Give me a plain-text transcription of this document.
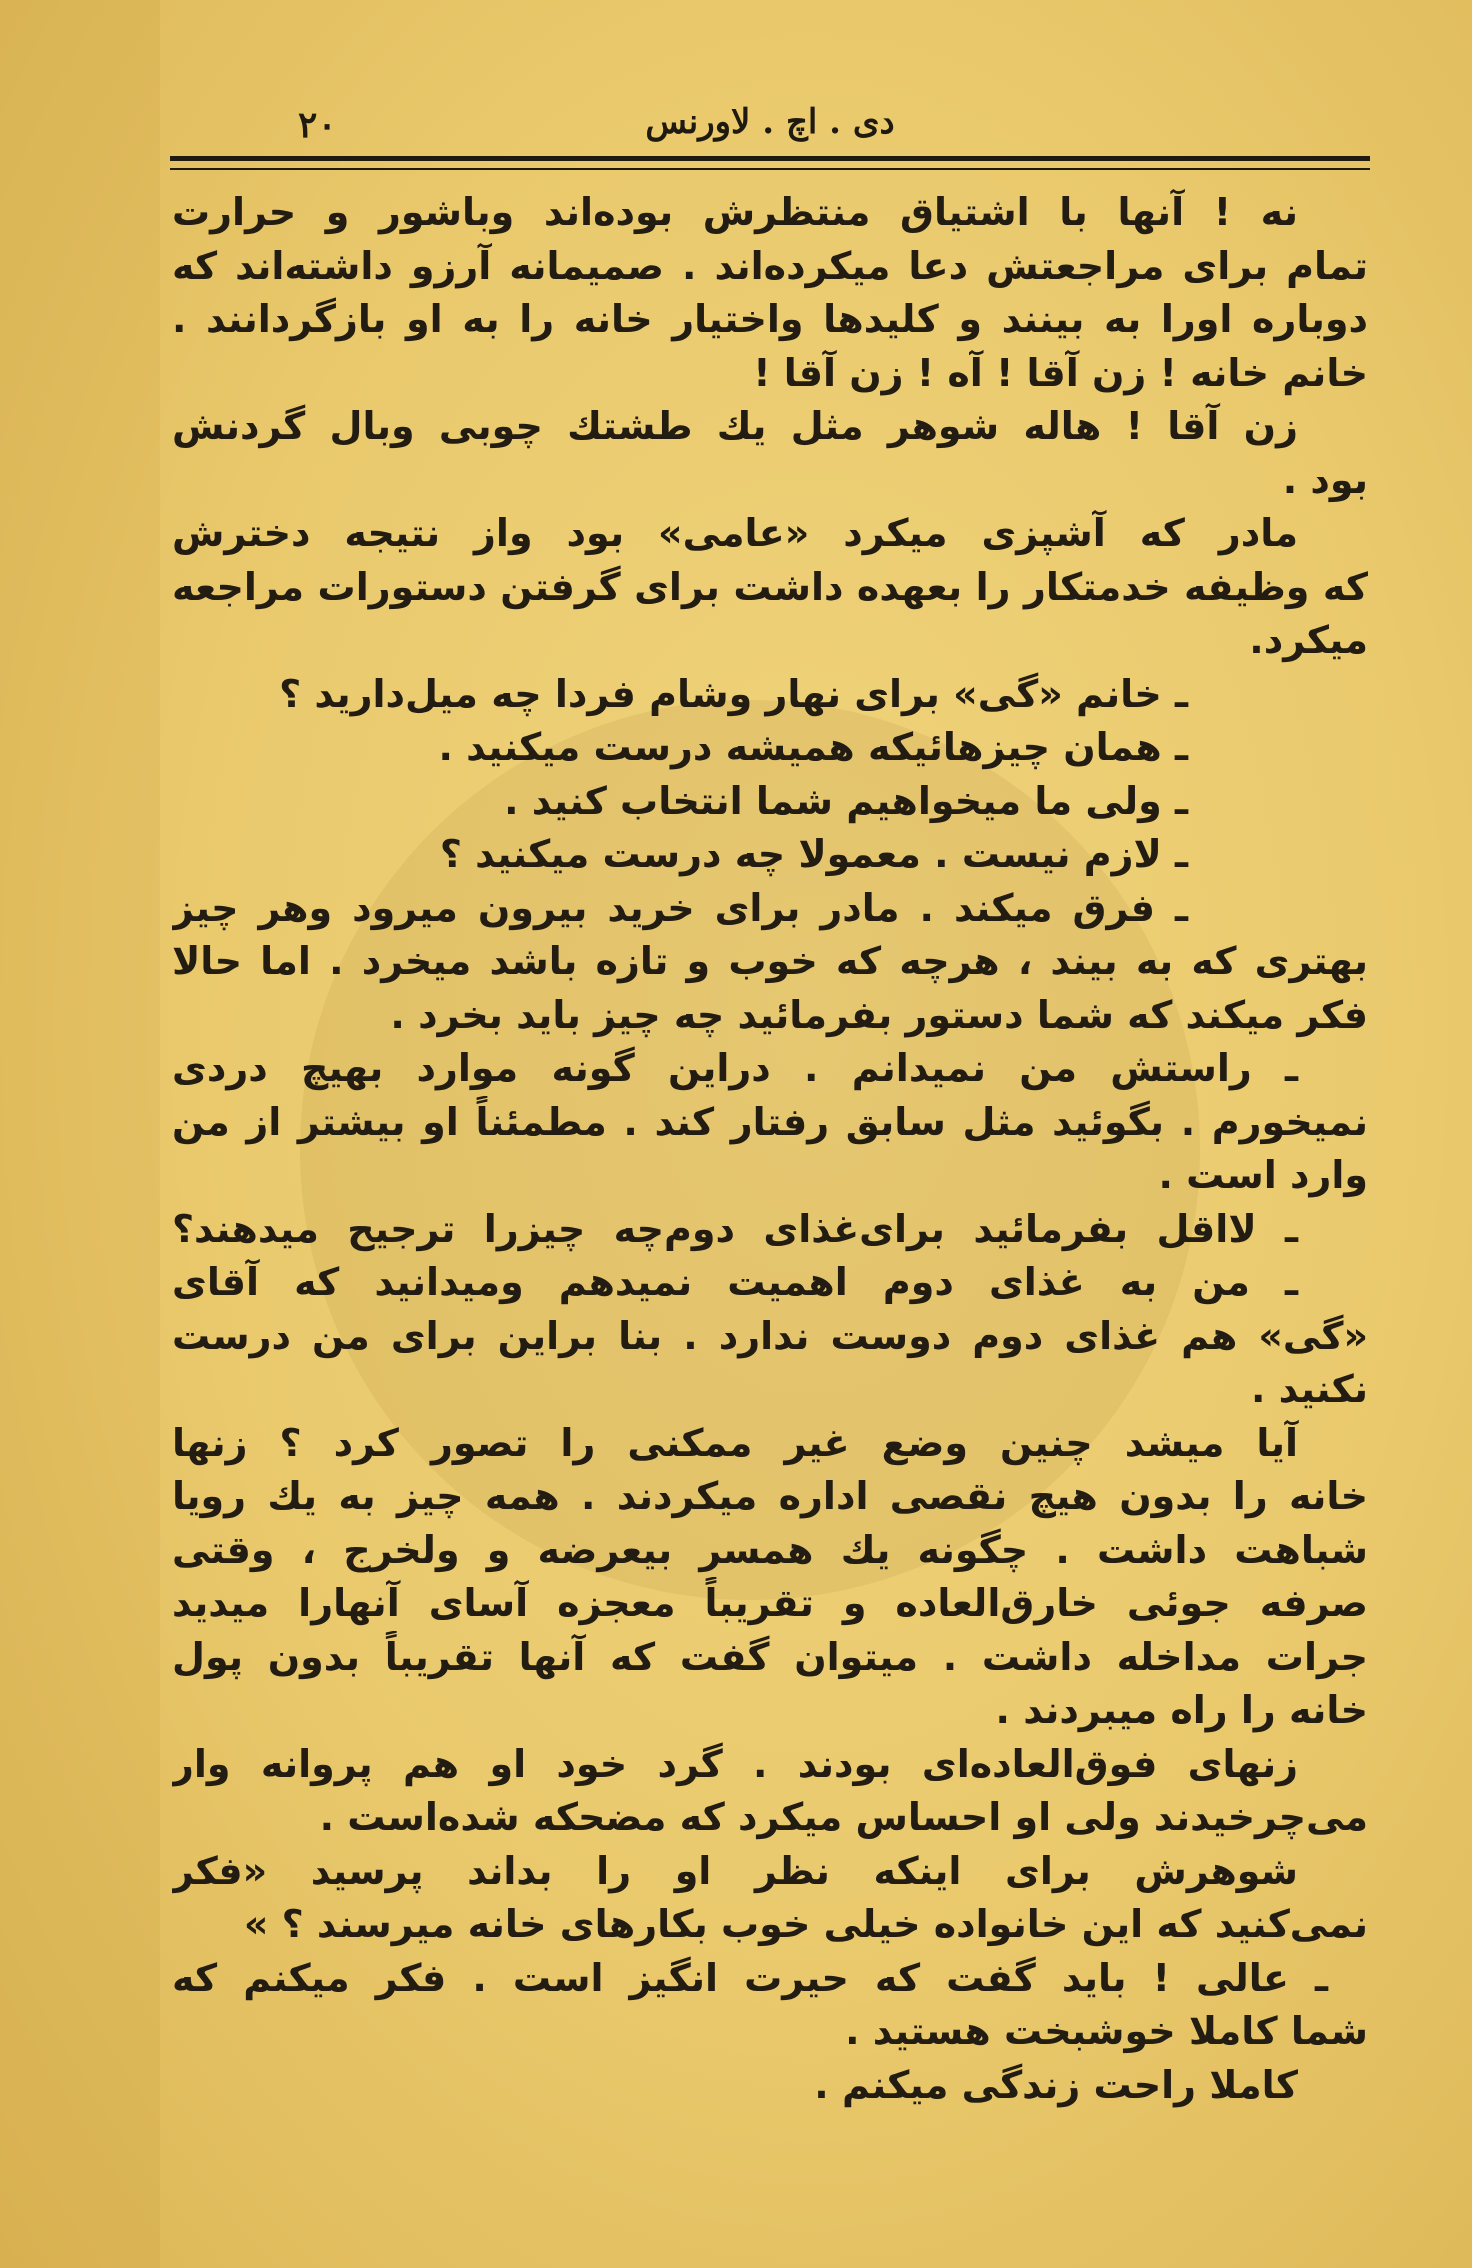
۲۰	دی . اچ . لاورنس
نه ! آنها با اشتیاق منتظرش بوده‌اند وباشور و حرارت
تمام برای مراجعتش دعا میکرده‌اند . صمیمانه آرزو داشته‌اند که
دوباره اورا به بینند و کلیدها واختیار خانه را به او بازگردانند .
خانم خانه ! زن آقا ! آه ! زن آقا !
زن آقا ! هاله شوهر مثل یك طشتك چوبی وبال گردنش
بود .
مادر که آشپزی میکرد «عامی» بود واز نتیجه دخترش
که وظیفه خدمتکار را بعهده داشت برای گرفتن دستورات مراجعه
میکرد.
ـ خانم «گی» برای نهار وشام فردا چه میل‌دارید ؟
ـ همان چیزهائیکه همیشه درست میکنید .
ـ ولی ما میخواهیم شما انتخاب کنید .
ـ لازم نیست . معمولا چه درست میکنید ؟
ـ فرق میکند . مادر برای خرید بیرون میرود وهر چیز
بهتری که به بیند ، هرچه که خوب و تازه باشد میخرد . اما حالا
فکر میکند که شما دستور بفرمائید چه چیز باید بخرد .
ـ راستش من نمیدانم . دراین گونه موارد بهیچ دردی
نمیخورم . بگوئید مثل سابق رفتار کند . مطمئناً او بیشتر از من
وارد است .
ـ لااقل بفرمائید برای‌غذای دوم‌چه چیزرا ترجیح میدهند؟
ـ من به غذای دوم اهمیت نمیدهم ومیدانید که آقای
«گی» هم غذای دوم دوست ندارد . بنا براین برای من درست
نکنید .
آیا میشد چنین وضع غیر ممکنی را تصور کرد ؟ زنها
خانه را بدون هیچ نقصی اداره میکردند . همه چیز به یك رویا
شباهت داشت . چگونه یك همسر بیعرضه و ولخرج ، وقتی
صرفه جوئی خارق‌العاده و تقریباً معجزه آسای آنهارا میدید
جرات مداخله داشت . میتوان گفت که آنها تقریباً بدون پول
خانه را راه میبردند .
زنهای فوق‌العاده‌ای بودند . گرد خود او هم پروانه وار
می‌چرخیدند ولی او احساس میکرد که مضحکه شده‌است .
شوهرش برای اینکه نظر او را بداند پرسید «فکر
نمی‌کنید که این خانواده خیلی خوب بکارهای خانه میرسند ؟ »
ـ عالی ! باید گفت که حیرت انگیز است . فکر میکنم که
شما کاملا خوشبخت هستید .
کاملا راحت زندگی میکنم .
